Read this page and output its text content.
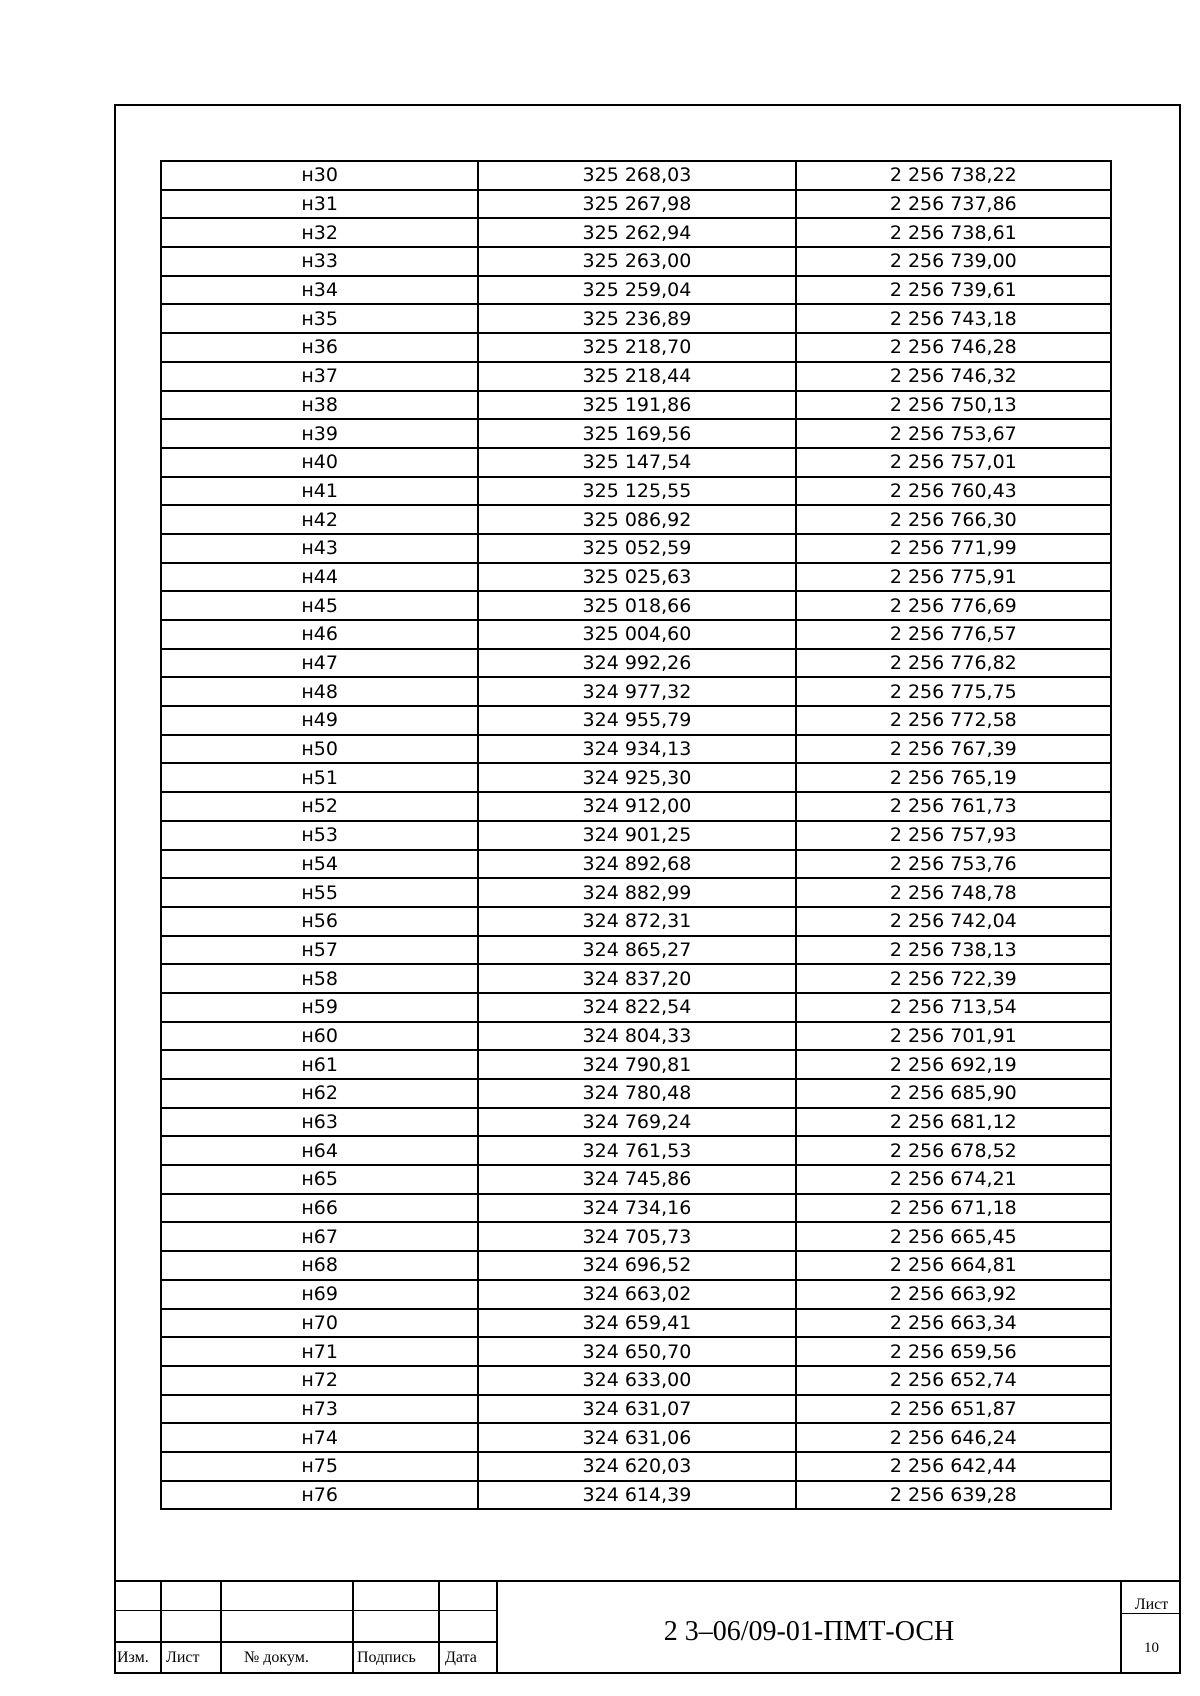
н30	325 268,03	2 256 738,22
н31	325 267,98	2 256 737,86
н32	325 262,94	2 256 738,61
н33	325 263,00	2 256 739,00
н34	325 259,04	2 256 739,61
н35	325 236,89	2 256 743,18
н36	325 218,70	2 256 746,28
н37	325 218,44	2 256 746,32
н38	325 191,86	2 256 750,13
н39	325 169,56	2 256 753,67
н40	325 147,54	2 256 757,01
н41	325 125,55	2 256 760,43
н42	325 086,92	2 256 766,30
н43	325 052,59	2 256 771,99
н44	325 025,63	2 256 775,91
н45	325 018,66	2 256 776,69
н46	325 004,60	2 256 776,57
н47	324 992,26	2 256 776,82
н48	324 977,32	2 256 775,75
н49	324 955,79	2 256 772,58
н50	324 934,13	2 256 767,39
н51	324 925,30	2 256 765,19
н52	324 912,00	2 256 761,73
н53	324 901,25	2 256 757,93
н54	324 892,68	2 256 753,76
н55	324 882,99	2 256 748,78
н56	324 872,31	2 256 742,04
н57	324 865,27	2 256 738,13
н58	324 837,20	2 256 722,39
н59	324 822,54	2 256 713,54
н60	324 804,33	2 256 701,91
н61	324 790,81	2 256 692,19
н62	324 780,48	2 256 685,90
н63	324 769,24	2 256 681,12
н64	324 761,53	2 256 678,52
н65	324 745,86	2 256 674,21
н66	324 734,16	2 256 671,18
н67	324 705,73	2 256 665,45
н68	324 696,52	2 256 664,81
н69	324 663,02	2 256 663,92
н70	324 659,41	2 256 663,34
н71	324 650,70	2 256 659,56
н72	324 633,00	2 256 652,74
н73	324 631,07	2 256 651,87
н74	324 631,06	2 256 646,24
н75	324 620,03	2 256 642,44
н76	324 614,39	2 256 639,28
Изм. Лист	№ докум.	Подпись Дата
2 3–06/09-01-ПМТ-ОСН
Лист
10
